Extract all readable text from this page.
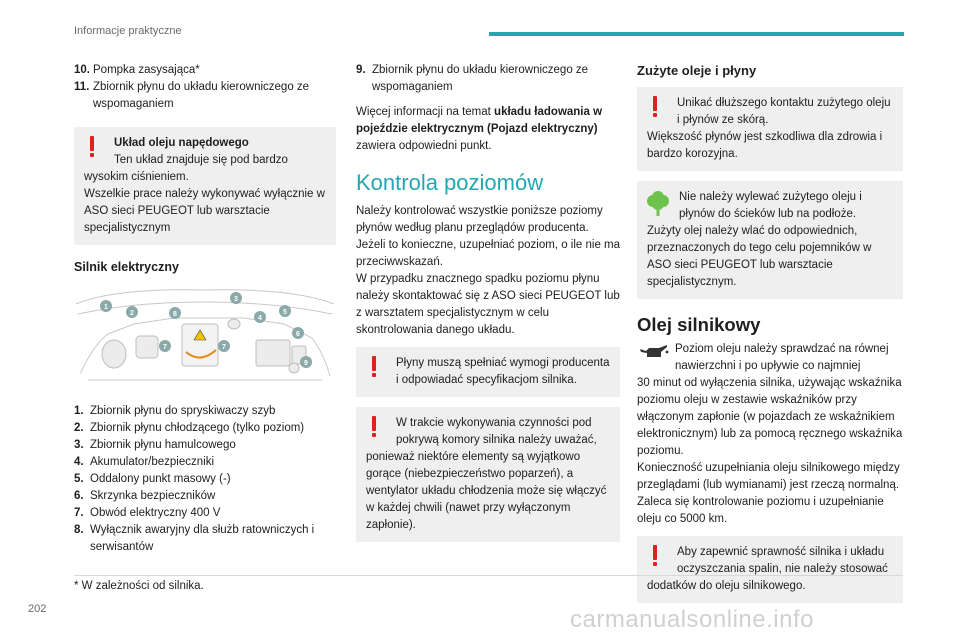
Informacje praktyczne
10. Pompka zasysająca*
11. Zbiornik płynu do układu kierowniczego ze wspomaganiem
Układ oleju napędowego
Ten układ znajduje się pod bardzo wysokim ciśnieniem.
Wszelkie prace należy wykonywać wyłącznie w ASO sieci PEUGEOT lub warsztacie specjalistycznym
Silnik elektryczny
1
2
3
4
5
6
7	7
8
9
1. Zbiornik płynu do spryskiwaczy szyb
2. Zbiornik płynu chłodzącego (tylko poziom)
3. Zbiornik płynu hamulcowego
4. Akumulator/bezpieczniki
5. Oddalony punkt masowy (-)
6. Skrzynka bezpieczników
7. Obwód elektryczny 400 V
8. Wyłącznik awaryjny dla służb ratowniczych i serwisantów
9. Zbiornik płynu do układu kierowniczego ze wspomaganiem

Więcej informacji na temat układu ładowania w pojeździe elektrycznym (Pojazd elektryczny) zawiera odpowiedni punkt.

Kontrola poziomów

Należy kontrolować wszystkie poniższe poziomy płynów według planu przeglądów producenta.

Jeżeli to konieczne, uzupełniać poziom, o ile nie ma przeciwwskazań.

W przypadku znacznego spadku poziomu płynu należy skontaktować się z ASO sieci PEUGEOT lub z warsztatem specjalistycznym w celu skontrolowania danego układu.

Płyny muszą spełniać wymogi producenta i odpowiadać specyfikacjom silnika.
W trakcie wykonywania czynności pod pokrywą komory silnika należy uważać,
ponieważ niektóre elementy są wyjątkowo gorące (niebezpieczeństwo poparzeń), a wentylator układu chłodzenia może się włączyć w każdej chwili (nawet przy wyłączonym zapłonie).
Zużyte oleje i płyny
Unikać dłuższego kontaktu zużytego oleju i płynów ze skórą.
Większość płynów jest szkodliwa dla zdrowia i bardzo korozyjna.
Nie należy wylewać zużytego oleju i płynów do ścieków lub na podłoże.
Zużyty olej należy wlać do odpowiednich, przeznaczonych do tego celu pojemników w ASO sieci PEUGEOT lub warsztacie specjalistycznym.
Olej silnikowy

Poziom oleju należy sprawdzać na równej nawierzchni i po upływie co najmniej

30 minut od wyłączenia silnika, używając wskaźnika poziomu oleju w zestawie wskaźników przy włączonym zapłonie (w pojazdach ze wskaźnikiem elektronicznym) lub za pomocą ręcznego wskaźnika poziomu.

Konieczność uzupełniania oleju silnikowego między przeglądami (lub wymianami) jest rzeczą normalną. Zaleca się kontrolowanie poziomu i uzupełnianie oleju co 5000 km.

Aby zapewnić sprawność silnika i układu oczyszczania spalin, nie należy stosować
dodatków do oleju silnikowego.
* W zależności od silnika.
202	carmanualsonline.info
